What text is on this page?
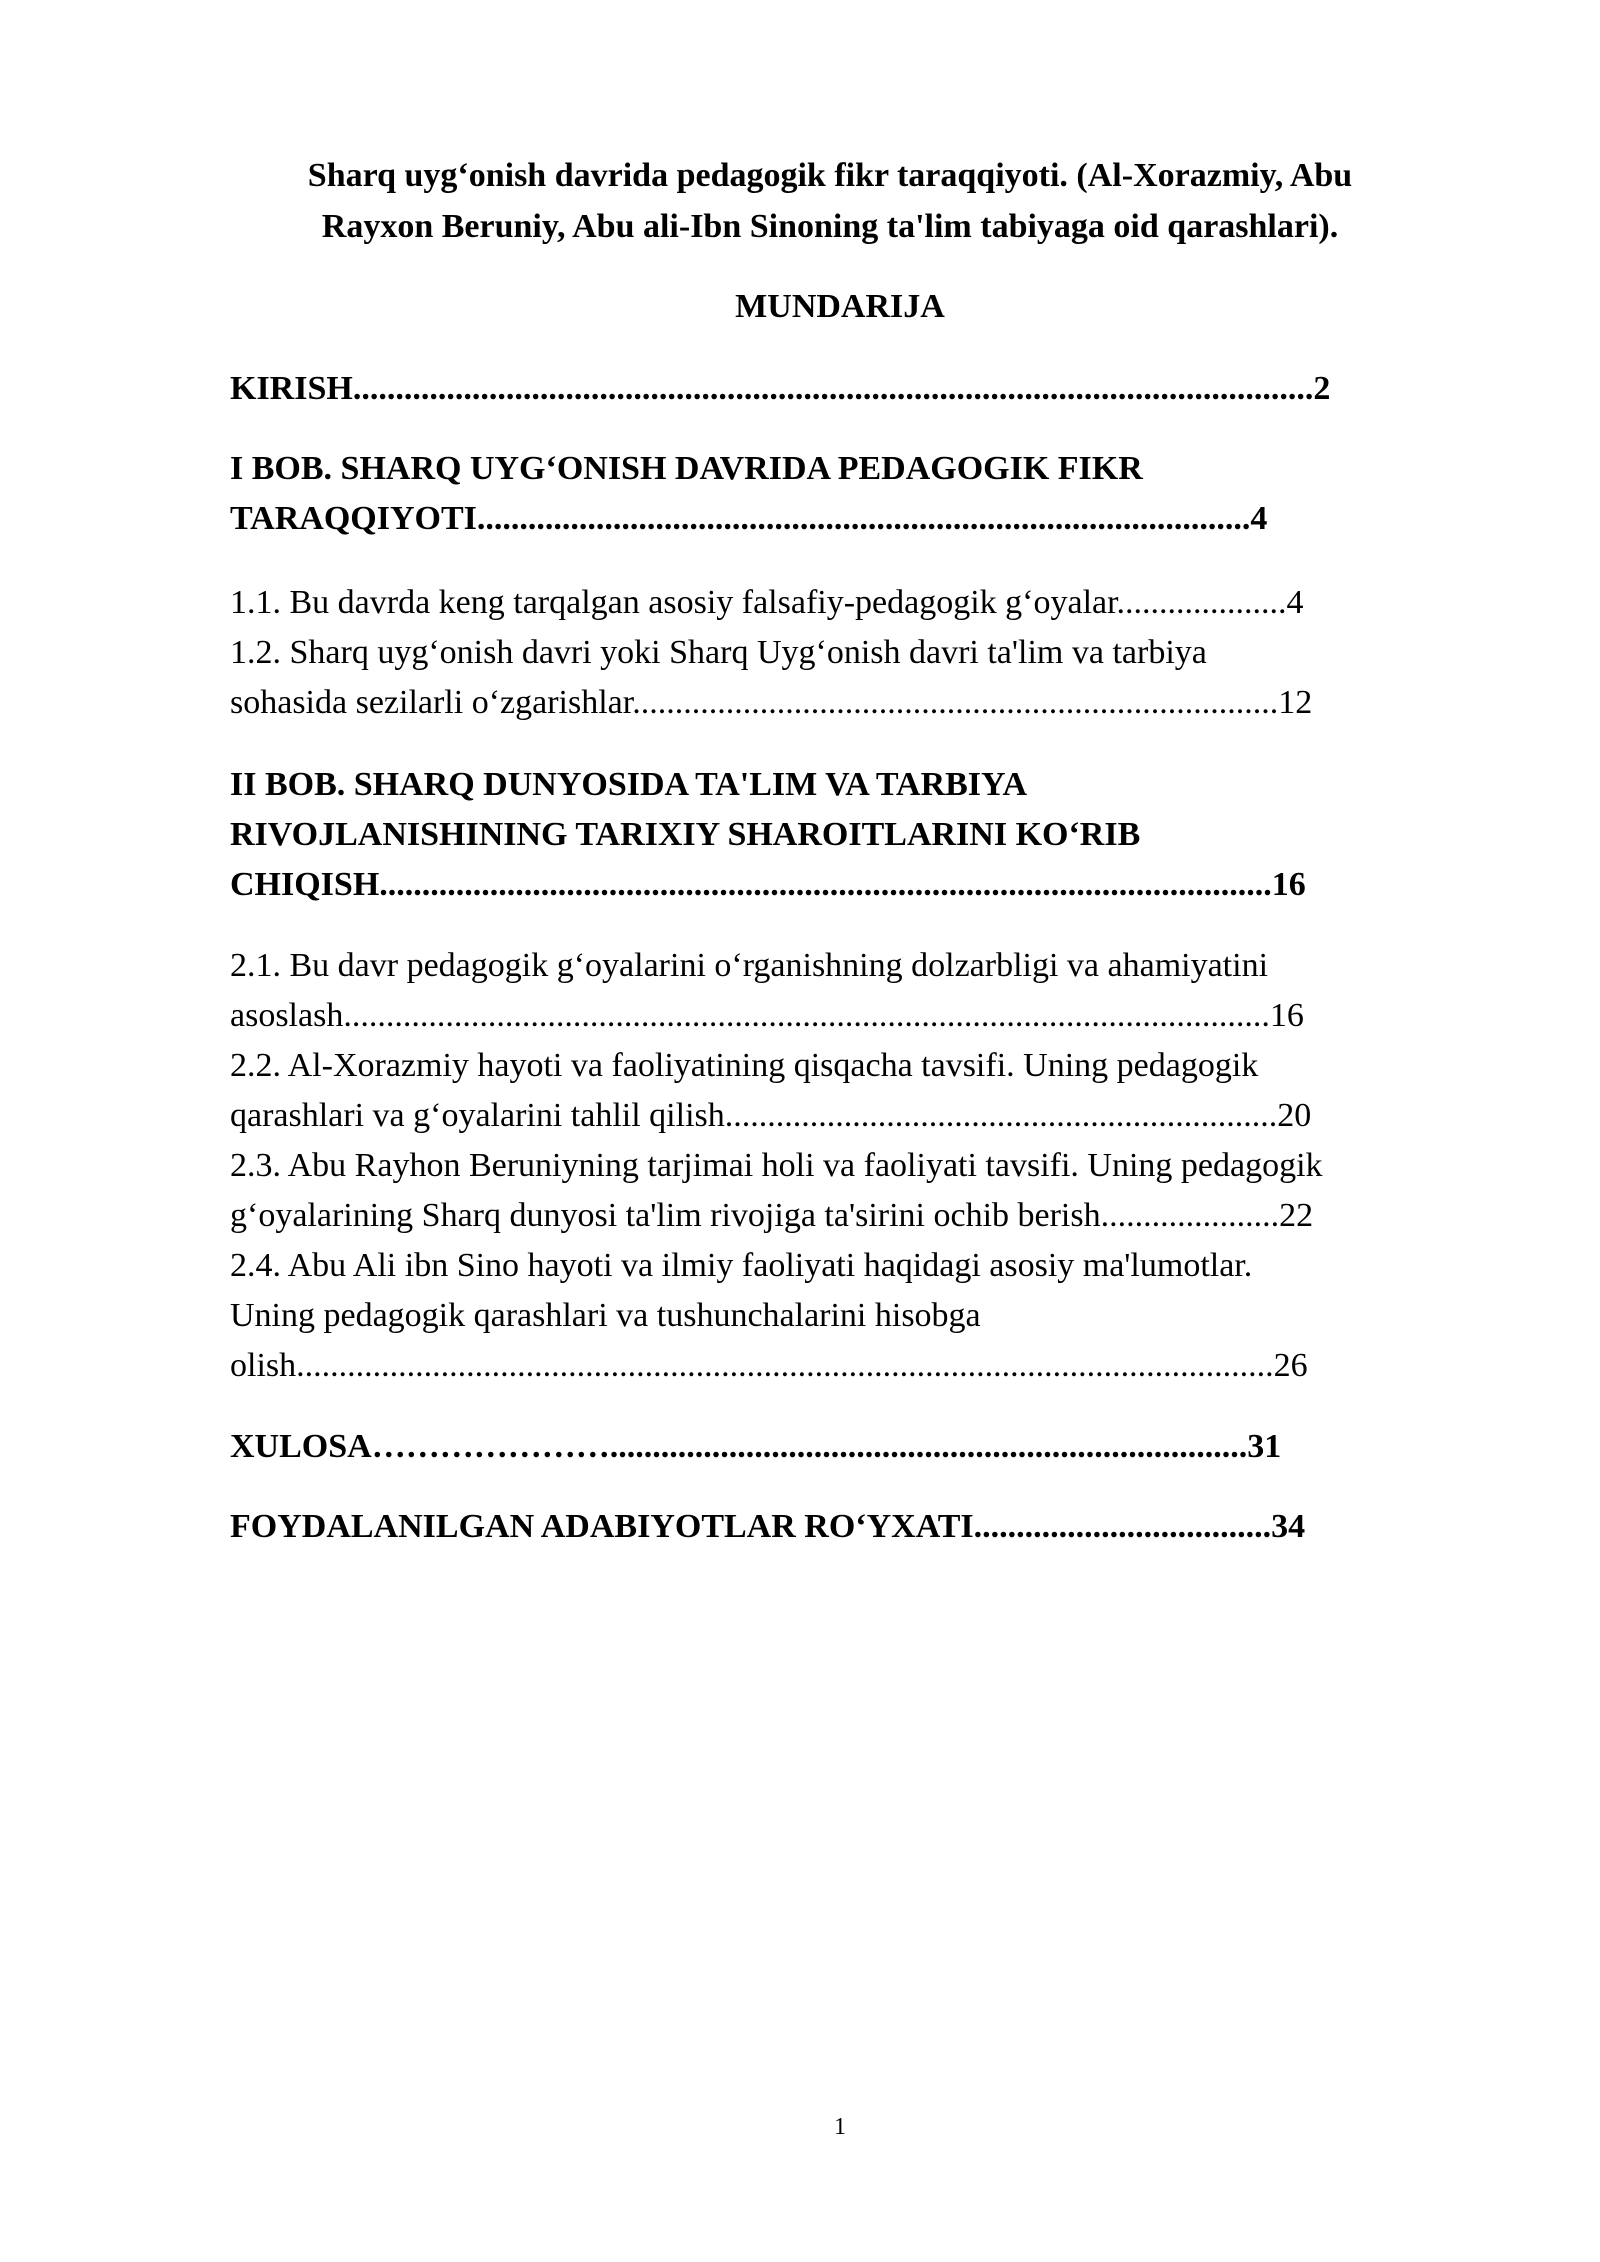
Sharq uyg‘onish davrida pedagogik fikr taraqqiyoti. (Al-Xorazmiy, Abu
Rayxon Beruniy, Abu ali-Ibn Sinoning ta'lim tabiyaga oid qarashlari).
MUNDARIJA
KIRISH.................................................................................................................2
I BOB. SHARQ UYG‘ONISH DAVRIDA PEDAGOGIK FIKR
TARAQQIYOTI...........................................................................................4
1.1. Bu davrda keng tarqalgan asosiy falsafiy-pedagogik g‘oyalar....................4
1.2. Sharq uyg‘onish davri yoki Sharq Uyg‘onish davri ta'lim va tarbiya
sohasida sezilarli o‘zgarishlar............................................................................12
II BOB. SHARQ DUNYOSIDA TA'LIM VA TARBIYA
RIVOJLANISHINING TARIXIY SHAROITLARINI KO‘RIB
CHIQISH.........................................................................................................16
2.1. Bu davr pedagogik g‘oyalarini o‘rganishning dolzarbligi va ahamiyatini
asoslash.............................................................................................................16
2.2. Al-Xorazmiy hayoti va faoliyatining qisqacha tavsifi. Uning pedagogik
qarashlari va g‘oyalarini tahlil qilish.................................................................20
2.3. Abu Rayhon Beruniyning tarjimai holi va faoliyati tavsifi. Uning pedagogik
g‘oyalarining Sharq dunyosi ta'lim rivojiga ta'sirini ochib berish.....................22
2.4. Abu Ali ibn Sino hayoti va ilmiy faoliyati haqidagi asosiy ma'lumotlar.
Uning pedagogik qarashlari va tushunchalarini hisobga
olish...................................................................................................................26
XULOSA…………………...........................................................................31
FOYDALANILGAN ADABIYOTLAR RO‘YXATI...................................34
1
